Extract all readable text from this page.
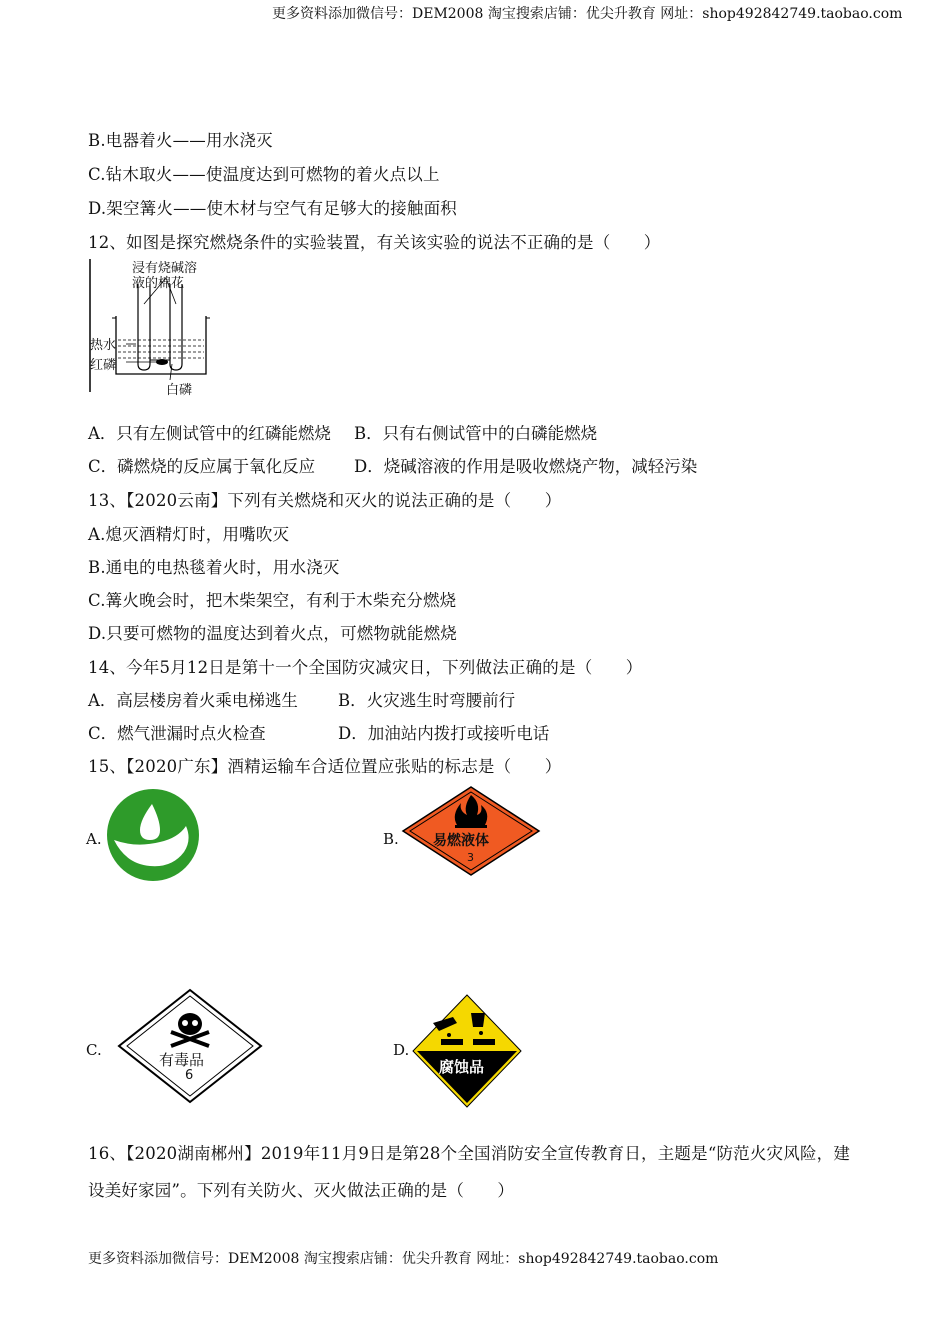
更多资料添加微信号：DEM2008 淘宝搜索店铺：优尖升教育 网址：shop492842749.taobao.com
B.电器着火——用水浇灭
C.钻木取火——使温度达到可燃物的着火点以上
D.架空篝火——使木材与空气有足够大的接触面积
12、如图是探究燃烧条件的实验装置，有关该实验的说法不正确的是（　　）
浸有烧碱溶
液的棉花
热水
红磷
白磷
A．只有左侧试管中的红磷能燃烧 B．只有右侧试管中的白磷能燃烧
C．磷燃烧的反应属于氧化反应 D．烧碱溶液的作用是吸收燃烧产物，减轻污染
13、【2020云南】下列有关燃烧和灭火的说法正确的是（　　）
A.熄灭酒精灯时，用嘴吹灭
B.通电的电热毯着火时，用水浇灭
C.篝火晚会时，把木柴架空，有利于木柴充分燃烧
D.只要可燃物的温度达到着火点，可燃物就能燃烧
14、今年5月12日是第十一个全国防灾减灾日，下列做法正确的是（　　）
A．高层楼房着火乘电梯逃生 B．火灾逃生时弯腰前行
C．燃气泄漏时点火检查	D．加油站内拨打或接听电话
15、【2020广东】酒精运输车合适位置应张贴的标志是（　　）
A.	B. 易燃液体
3
C.
有毒品
6
D.
腐蚀品
16、【2020湖南郴州】2019年11月9日是第28个全国消防安全宣传教育日，主题是“防范火灾风险，建
设美好家园”。下列有关防火、灭火做法正确的是（　　）
更多资料添加微信号：DEM2008 淘宝搜索店铺：优尖升教育 网址：shop492842749.taobao.com
